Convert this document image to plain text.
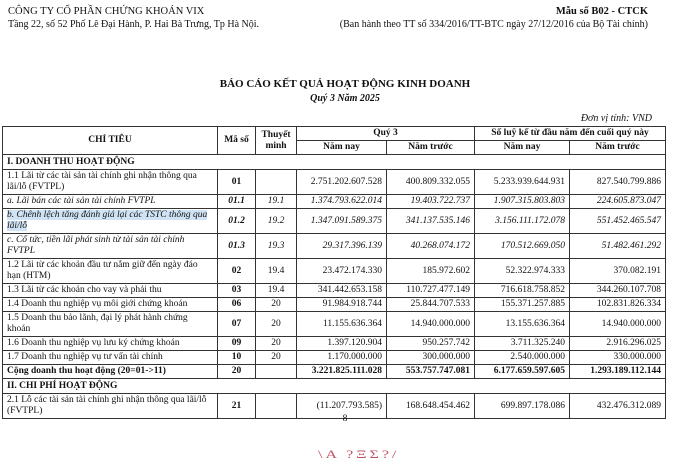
CÔNG TY CỔ PHẦN CHỨNG KHOÁN VIX
Tầng 22, số 52 Phố Lê Đại Hành, P. Hai Bà Trưng, Tp Hà Nội.
Mẫu số B02 - CTCK
(Ban hành theo TT số 334/2016/TT-BTC ngày 27/12/2016 của Bộ Tài chính)
BÁO CÁO KẾT QUẢ HOẠT ĐỘNG KINH DOANH
Quý 3 Năm 2025
Đơn vị tính: VND
CHỈ TIÊU	Mã số	Thuyết minh	Quý 3		Số luỹ kế từ đầu năm đến cuối quý này	
			Năm nay	Năm trước	Năm nay	Năm trước
I. DOANH THU HOẠT ĐỘNG						
1.1 Lãi từ các tài sản tài chính ghi nhận thông qua lãi/lỗ (FVTPL)	01		2.751.202.607.528	400.809.332.055	5.233.939.644.931	827.540.799.886
a. Lãi bán các tài sản tài chính FVTPL	01.1	19.1	1.374.793.622.014	19.403.722.737	1.907.315.803.803	224.605.873.047
b. Chênh lệch tăng đánh giá lại các TSTC thông qua lãi/lỗ	01.2	19.2	1.347.091.589.375	341.137.535.146	3.156.111.172.078	551.452.465.547
c. Cổ tức, tiền lãi phát sinh từ tài sản tài chính FVTPL	01.3	19.3	29.317.396.139	40.268.074.172	170.512.669.050	51.482.461.292
1.2 Lãi từ các khoản đầu tư nắm giữ đến ngày đáo hạn (HTM)	02	19.4	23.472.174.330	185.972.602	52.322.974.333	370.082.191
1.3 Lãi từ các khoản cho vay và phải thu	03	19.4	341.442.653.158	110.727.477.149	716.618.758.852	344.260.107.708
1.4 Doanh thu nghiệp vụ môi giới chứng khoán	06	20	91.984.918.744	25.844.707.533	155.371.257.885	102.831.826.334
1.5 Doanh thu bảo lãnh, đại lý phát hành chứng khoán	07	20	11.155.636.364	14.940.000.000	13.155.636.364	14.940.000.000
1.6 Doanh thu nghiệp vụ lưu ký chứng khoán	09	20	1.397.120.904	950.257.742	3.711.325.240	2.916.296.025
1.7 Doanh thu nghiệp vụ tư vấn tài chính	10	20	1.170.000.000	300.000.000	2.540.000.000	330.000.000
Cộng doanh thu hoạt động (20=01->11)	20		3.221.825.111.028	553.757.747.081	6.177.659.597.605	1.293.189.112.144
II. CHI PHÍ HOẠT ĐỘNG						
2.1 Lỗ các tài sản tài chính ghi nhận thông qua lãi/lỗ (FVTPL)	21		(11.207.793.585)	168.648.454.462	699.897.178.086	432.476.312.089
8
\A ?ΞΣ?/
